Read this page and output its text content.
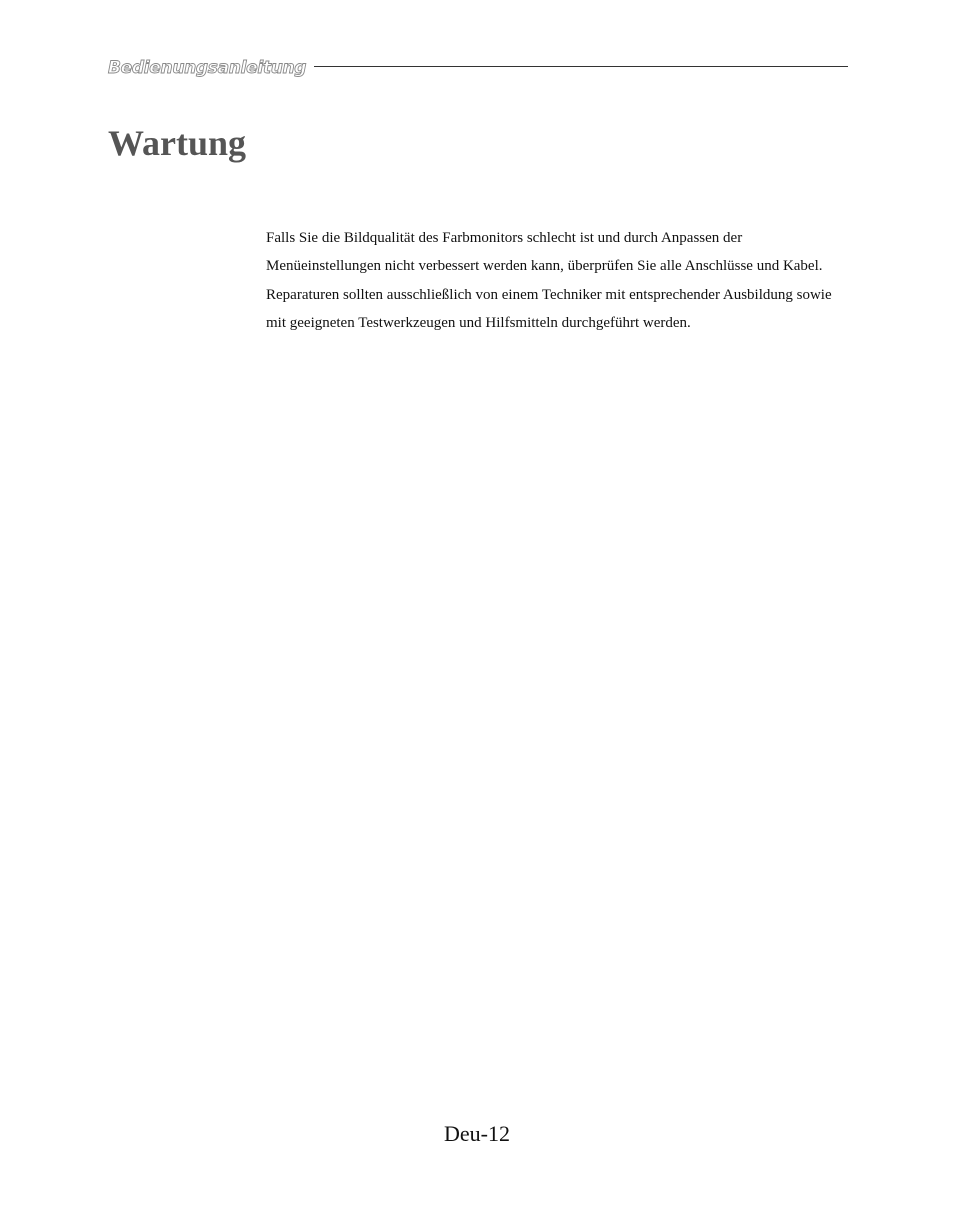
Bedienungsanleitung
Wartung

Falls Sie die Bildqualität des Farbmonitors schlecht ist und durch Anpassen der Menüeinstellungen nicht verbessert werden kann, überprüfen Sie alle Anschlüsse und Kabel.

Reparaturen sollten ausschließlich von einem Techniker mit entsprechender Ausbildung sowie mit geeigneten Testwerkzeugen und Hilfsmitteln durchgeführt werden.

Deu-12
